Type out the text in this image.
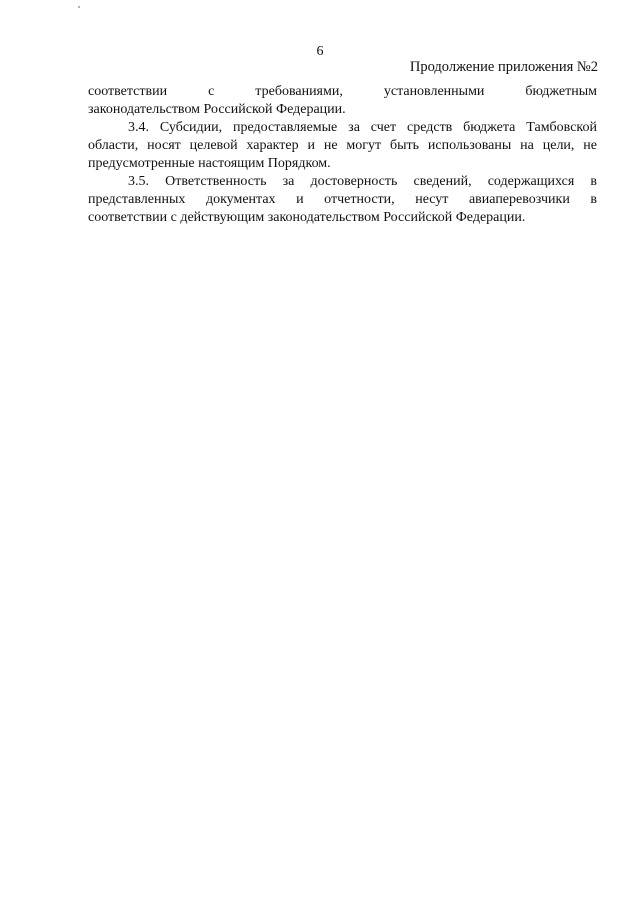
6
Продолжение приложения №2
соответствии с требованиями, установленными бюджетным
законодательством Российской Федерации.
3.4. Субсидии, предоставляемые за счет средств бюджета Тамбовской
области, носят целевой характер и не могут быть использованы на цели, не
предусмотренные настоящим Порядком.
3.5. Ответственность за достоверность сведений, содержащихся в
представленных документах и отчетности, несут авиаперевозчики в
соответствии с действующим законодательством Российской Федерации.
